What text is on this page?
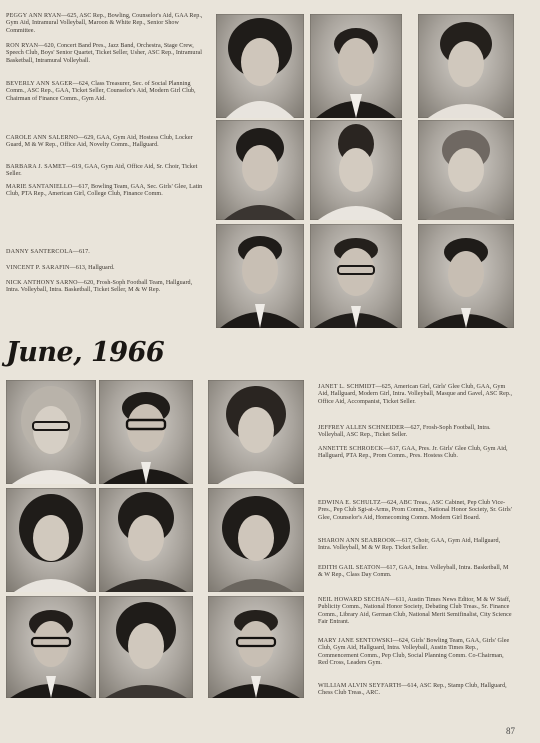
PEGGY ANN RYAN—625, ASC Rep., Bowling, Counselor's Aid, GAA Rep., Gym Aid, Intramural Volleyball, Maroon & White Rep., Senior Show Committee.
RON RYAN—620, Concert Band Pres., Jazz Band, Orchestra, Stage Crew, Speech Club, Boys' Senior Quartet, Ticket Seller, Usher, ASC Rep., Intramural Basketball, Intramural Volleyball.
BEVERLY ANN SAGER—624, Class Treasurer, Sec. of Social Planning Comm., ASC Rep., GAA, Ticket Seller, Counselor's Aid, Modern Girl Club, Chairman of Finance Comm., Gym Aid.
CAROLE ANN SALERNO—629, GAA, Gym Aid, Hostess Club, Locker Guard, M & W Rep., Office Aid, Novelty Comm., Hallguard.
BARBARA J. SAMET—619, GAA, Gym Aid, Office Aid, Sr. Choir, Ticket Seller.
MARIE SANTANIELLO—617, Bowling Team, GAA, Sec. Girls' Glee, Latin Club, PTA Rep., American Girl, College Club, Finance Comm.
DANNY SANTERCOLA—617.
VINCENT P. SARAFIN—613, Hallguard.
NICK ANTHONY SARNO—620, Frosh-Soph Football Team, Hallguard, Intra. Volleyball, Intra. Basketball, Ticket Seller, M & W Rep.
June, 1966
JANET L. SCHMIDT—625, American Girl, Girls' Glee Club, GAA, Gym Aid, Hallguard, Modern Girl, Intra. Volleyball, Masque and Gavel, ASC Rep., Office Aid, Accompanist, Ticket Seller.
JEFFREY ALLEN SCHNEIDER—627, Frosh-Soph Football, Intra. Volleyball, ASC Rep., Ticket Seller.
ANNETTE SCHROECK—617, GAA, Pres. Jr. Girls' Glee Club, Gym Aid, Hallguard, PTA Rep., Prom Comm., Pres. Hostess Club.
EDWINA E. SCHULTZ—624, ABC Treas., ASC Cabinet, Pep Club Vice-Pres., Pep Club Sgt-at-Arms, Prom Comm., National Honor Society, Sr. Girls' Glee, Counselor's Aid, Homecoming Comm. Modern Girl Board.
SHARON ANN SEABROOK—617, Choir, GAA, Gym Aid, Hallguard, Intra. Volleyball, M & W Rep. Ticket Seller.
EDITH GAIL SEATON—617, GAA, Intra. Volleyball, Intra. Basketball, M & W Rep., Class Day Comm.
NEIL HOWARD SECHAN—611, Austin Times News Editor, M & W Staff, Publicity Comm., National Honor Society, Debating Club Treas., Sr. Finance Comm., Library Aid, German Club, National Merit Semifinalist, City Science Fair Entrant.
MARY JANE SENTOWSKI—624, Girls' Bowling Team, GAA, Girls' Glee Club, Gym Aid, Hallguard, Intra. Volleyball, Austin Times Rep., Commencement Comm., Pep Club, Social Planning Comm. Co-Chairman, Red Cross, Leaders Gym.
WILLIAM ALVIN SEYFARTH—614, ASC Rep., Stamp Club, Hallguard, Chess Club Treas., ARC.
87
